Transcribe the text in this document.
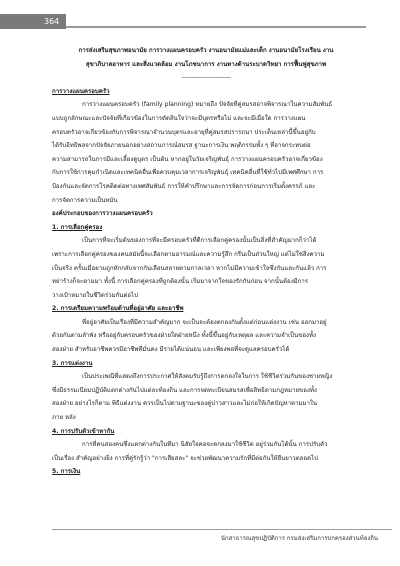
364

การส่งเสริมสุขภาพอนามัย การวางแผนครอบครัว งานอนามัยแม่และเด็ก งานอนามัยโรงเรียน งาน

สุขาภิบาลอาหาร และสิ่งแวดล้อม งานโภชนาการ งานทางด้านระบาดวิทยา การฟื้นฟูสุขภาพ

-----------------------------

การวางแผนครอบครัว

การวางแผนครอบครัว (family planning) หมายถึง ปัจจัยที่คู่สมรสอาจพิจารณาในความสัมพันธ์

แบบถูกลักษณะและปัจจัยที่เกี่ยวข้องในการตัดสินใจว่าจะมีบุตรหรือไม่ และจะมีเมื่อใด การวางแผน

ครอบครัวอาจเกี่ยวข้องกับการพิจารณาจำนวนบุตรและอายุที่คู่สมรสปรารถนา ประเด็นเหล่านี้ขึ้นอยู่กับ

ได้รับอิทธิพลจากปัจจัยภายนอกอย่างสถานการณ์สมรส ฐานะการเงิน พฤติกรรมทั้ง ๆ ที่อาจกระทบต่อ

ความสามารถในการมีและเลี้ยงดูบุตร เป็นต้น หากอยู่ในวัยเจริญพันธุ์ การวางแผนครอบครัวอาจเกี่ยวข้อง

กับการใช้การคุมกำเนิดและเทคนิคอื่นเพื่อควบคุมเวลาการเจริญพันธุ์ เทคนิคอื่นที่ใช้ทั่วไปมีเพศศึกษา การ

ป้องกันและจัดการโรคติดต่อทางเพศสัมพันธ์ การให้คำปรึกษาและการจัดการก่อนการเริ่มตั้งครรภ์ และ

การจัดการความเป็นหมัน

องค์ประกอบของการวางแผนครอบครัว

1. การเลือกคู่ครอง

เป็นการที่จะเริ่มต้นของการที่จะมีครอบครัวที่ดีการเลือกคู่ครองนั้นเป็นสิ่งที่สำคัญมากก็ว่าได้

เพราะการเลือกคู่ครองของคนสมัยนี้จะเลือกตามอารมณ์และความรู้สึก กรีนเป็นส่วนใหญ่ แต่ไม่ใช่สิ่งความ

เป็นจริง ครั้นเมื่อยามถูกหักกลับจากกันเลือนสลายตามกาลเวลา หากไม่มีความเข้าใจซึ่งกันและกันแล้ว การ

หย่าร้างก็จะตามมา ทั้งนี้ การเลือกคู่ครองที่ถูกต้องนั้น เริ่มมาจากใจของรักกันก่อน จากนั้นต้องมีการ

วางเป้าหมายในชีวิตร่วมกันต่อไป

2. การเตรียมความพร้อมด้านที่อยู่อาศัย และอาชีพ

ที่อยู่อาศัยเป็นเรื่องที่มีความสำคัญมาก จะเป็นจะต้องตกลงกันตั้งแต่ก่อนแต่งงาน เช่น ออกมาอยู่

ด้วยกันตามลำพัง หรืออยู่กับครอบครัวของฝ่ายใดฝ่ายหนึ่ง ทั้งนี้ขึ้นอยู่กับเหตุผล และความจำเป็นของทั้ง

สองฝ่าย สำหรับอาชีพควรมีอาชีพที่มั่นคง มีรายได้แน่นอน และเพียงพอที่จะดูแลครอบครัวได้

3. การแต่งงาน

เป็นประเพณีที่แสดงถึงการประกาศให้สังคมรับรู้ถึงการตกลงใจในการ ใช้ชีวิตร่วมกันของชายหญิง

ซึ่งมีธรรมเนียมปฏิบัติแตกต่างกันไปแต่ละท้องถิ่น และการจดทะเบียนสมรสเพื่อสิทธิตามกฎหมายของทั้ง

สองฝ่าย อย่างไรก็ตาม พิธีแต่งงาน ควรเป็นไปตามฐานะของคู่บ่าวสาวและไม่ก่อให้เกิดปัญหาตามมาใน

ภาย หลัง

4. การปรับตัวเข้าหากัน

การที่คนสองคนซึ่งแตกต่างกันในทีมา นิสัยใจคอจะตกลงมาใช้ชีวิต อยู่ร่วมกันได้นั้น การปรับตัว

เป็นเรื่อง สำคัญอย่างยิ่ง การที่คู่รักรู้ว่า "การเสียสละ" จะช่วยพัฒนาความรักที่มีต่อกันให้ยืนยาวตลอดไป

5. การเงิน

นักสาธารณสุขปฏิบัติการ กรมส่งเสริมการปกครองส่วนท้องถิ่น
